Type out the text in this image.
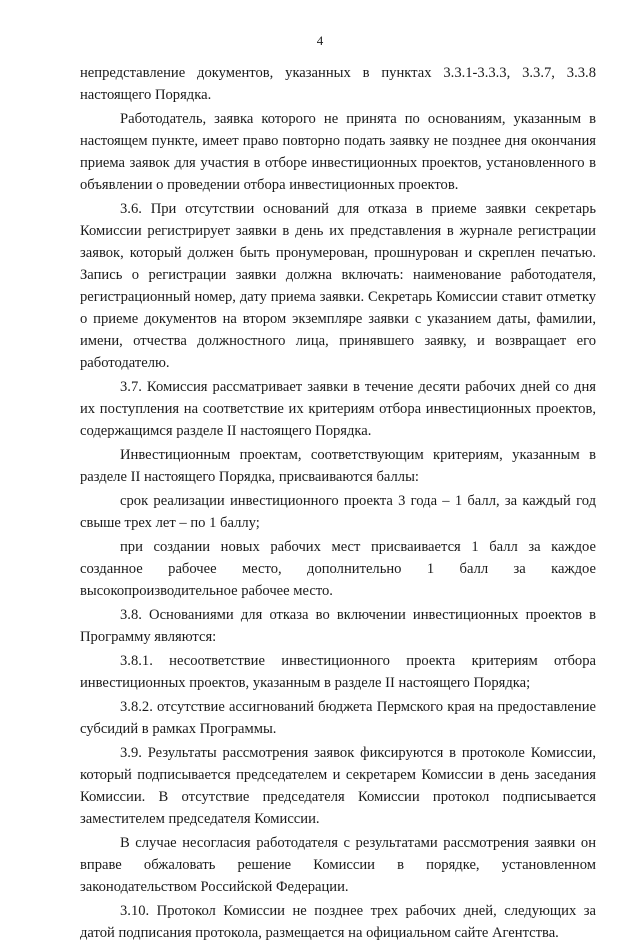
4

непредставление документов, указанных в пунктах 3.3.1-3.3.3, 3.3.7, 3.3.8 настоящего Порядка.

Работодатель, заявка которого не принята по основаниям, указанным в настоящем пункте, имеет право повторно подать заявку не позднее дня окончания приема заявок для участия в отборе инвестиционных проектов, установленного в объявлении о проведении отбора инвестиционных проектов.

3.6. При отсутствии оснований для отказа в приеме заявки секретарь Комиссии регистрирует заявки в день их представления в журнале регистрации заявок, который должен быть пронумерован, прошнурован и скреплен печатью. Запись о регистрации заявки должна включать: наименование работодателя, регистрационный номер, дату приема заявки. Секретарь Комиссии ставит отметку о приеме документов на втором экземпляре заявки с указанием даты, фамилии, имени, отчества должностного лица, принявшего заявку, и возвращает его работодателю.

3.7. Комиссия рассматривает заявки в течение десяти рабочих дней со дня их поступления на соответствие их критериям отбора инвестиционных проектов, содержащимся разделе II настоящего Порядка.

Инвестиционным проектам, соответствующим критериям, указанным в разделе II настоящего Порядка, присваиваются баллы:

срок реализации инвестиционного проекта 3 года – 1 балл, за каждый год свыше трех лет – по 1 баллу;

при создании новых рабочих мест присваивается 1 балл за каждое созданное рабочее место, дополнительно 1 балл за каждое высокопроизводительное рабочее место.

3.8. Основаниями для отказа во включении инвестиционных проектов в Программу являются:

3.8.1. несоответствие инвестиционного проекта критериям отбора инвестиционных проектов, указанным в разделе II настоящего Порядка;

3.8.2. отсутствие ассигнований бюджета Пермского края на предоставление субсидий в рамках Программы.

3.9. Результаты рассмотрения заявок фиксируются в протоколе Комиссии, который подписывается председателем и секретарем Комиссии в день заседания Комиссии. В отсутствие председателя Комиссии протокол подписывается заместителем председателя Комиссии.

В случае несогласия работодателя с результатами рассмотрения заявки он вправе обжаловать решение Комиссии в порядке, установленном законодательством Российской Федерации.

3.10. Протокол Комиссии не позднее трех рабочих дней, следующих за датой подписания протокола, размещается на официальном сайте Агентства.
